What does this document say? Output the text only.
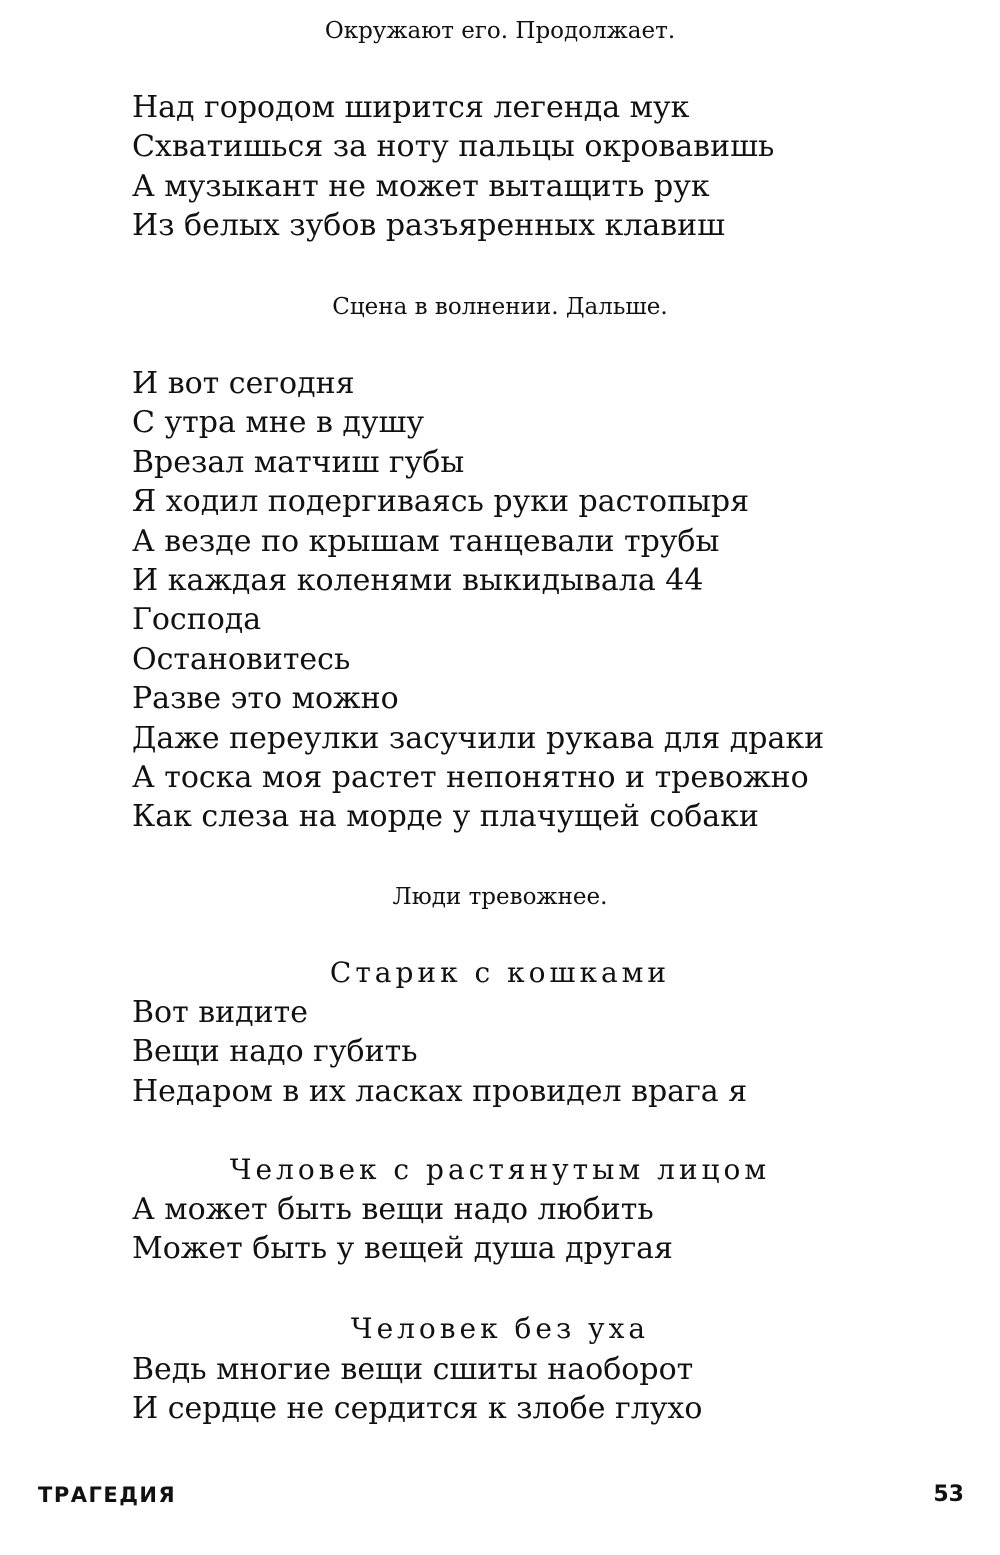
Окружают его. Продолжает.
Над городом ширится легенда мук
Схватишься за ноту пальцы окровавишь
А музыкант не может вытащить рук
Из белых зубов разъяренных клавиш
Сцена в волнении. Дальше.
И вот сегодня
С утра мне в душу
Врезал матчиш губы
Я ходил подергиваясь руки растопыря
А везде по крышам танцевали трубы
И каждая коленями выкидывала 44
Господа
Остановитесь
Разве это можно
Даже переулки засучили рукава для драки
А тоска моя растет непонятно и тревожно
Как слеза на морде у плачущей собаки
Люди тревожнее.
Старик с кошками
Вот видите
Вещи надо губить
Недаром в их ласках провидел врага я
Человек с растянутым лицом
А может быть вещи надо любить
Может быть у вещей душа другая
Человек без уха
Ведь многие вещи сшиты наоборот
И сердце не сердится к злобе глухо
ТРАГЕДИЯ	53
